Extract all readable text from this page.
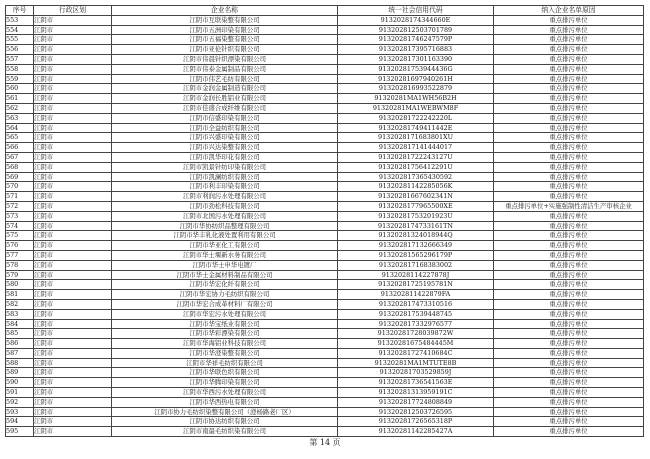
序号	行政区划	企业名称	统一社会信用代码	纳入企业名单原因
553	江阴市	江阴市互联染整有限公司	9132028174344660E	重点排污单位
554	江阴市	江阴市五洲印染有限公司	913202812503701789	重点排污单位
555	江阴市	江阴市五福染整有限公司	91320281746247579P	重点排污单位
556	江阴市	江阴市亚伦针织有限公司	913202817395716883	重点排污单位
557	江阴市	江阴市伟晨针织漂染有限公司	913202817301163390	重点排污单位
558	江阴市	江阴市伟泰金属制品有限公司	91320281753944436G	重点排污单位
559	江阴市	江阴市伟艺毛纺有限公司	91320281697940261H	重点排污单位
560	江阴市	江阴市金润金属制造有限公司	913202816993522879	重点排污单位
561	江阴市	江阴市金润长胜铝业有限公司	91320281MA1WH56B2H	重点排污单位
562	江阴市	江阴市佳盛合成纤维有限公司	91320281MA1WEBWM8F	重点排污单位
563	江阴市	江阴市信盛印染有限公司	91320281722242220L	重点排污单位
564	江阴市	江阴市全益纺织有限公司	91320281749411442E	重点排污单位
565	江阴市	江阴市兴盛印染有限公司	9132028171683801XU	重点排污单位
566	江阴市	江阴市兴达染整有限公司	913202817141444017	重点排污单位
567	江阴市	江阴市凯华印花有限公司	91320281722243127U	重点排污单位
568	江阴市	江阴市凯景针纺印染有限公司	91320281756412291U	重点排污单位
569	江阴市	江阴市凯澜纺织有限公司	913202817365430592	重点排污单位
570	江阴市	江阴市利丰印染有限公司	91320281142285056K	重点排污单位
571	江阴市	江阴市利润污水处理有限公司	91320281667602341N	重点排污单位
572	江阴市	江阴市劲松科技有限公司	9132028177965500XE	重点排污单位+实施强制性清洁生产审核企业
573	江阴市	江阴市北国污水处理有限公司	91320281753201923U	重点排污单位
574	江阴市	江阴市华协纺织品整理有限公司	9132028174733161TN	重点排污单位
575	江阴市	江阴市华丰乳化液处置利用有限公司	91320281324018944Q	重点排污单位
576	江阴市	江阴市华亚化工有限公司	913202817132666349	重点排污单位
577	江阴市	江阴市华士堰新水务有限公司	91320281565296179P	重点排污单位
578	江阴市	江阴市华士申华电镀厂	913202817168383002	重点排污单位
579	江阴市	江阴市华士金属材料制品有限公司	9132028114227878J	重点排污单位
580	江阴市	江阴市华宏化纤有限公司	91320281725195781N	重点排污单位
581	江阴市	江阴市华宏协力毛纺织有限公司	913202811422879FA	重点排污单位
582	江阴市	江阴市华宏合成革材料厂有限公司	913202817473310516	重点排污单位
583	江阴市	江阴市华宏污水处理有限公司	913202817539448745	重点排污单位
584	江阴市	江阴市华宝纸业有限公司	913202817332976577	重点排污单位
585	江阴市	江阴市华彩漂染有限公司	91320281728039872W	重点排污单位
586	江阴市	江阴市华海铝业科技有限公司	91320281675484445M	重点排污单位
587	江阴市	江阴市华澄染整有限公司	91320281727410684C	重点排污单位
588	江阴市	江阴市华祥毛纺织有限公司	91320281MA1MTUTE8B	重点排污单位
589	江阴市	江阴市华联色织有限公司	91320281703529859J	重点排污单位
590	江阴市	江阴市华腾印染有限公司	91320281736541563E	重点排污单位
591	江阴市	江阴市华西污水处理有限公司	91320281313959191C	重点排污单位
592	江阴市	江阴市华西热电有限公司	913202817724808849	重点排污单位
593	江阴市	江阴市协力毛纺织染整有限公司（澄杨路老厂区）	913202812503726595	重点排污单位
594	江阴市	江阴市协达纺织有限公司	91320281726565318P	重点排污单位
595	江阴市	江阴市南最毛纺织染有限公司	91320281142285427A	重点排污单位
第 14 页
